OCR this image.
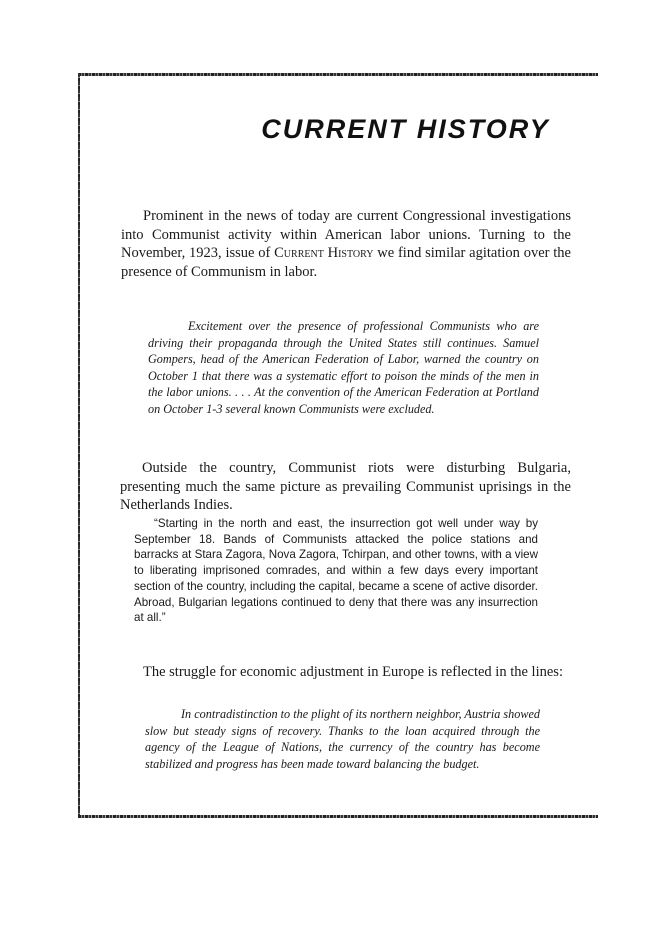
CURRENT HISTORY

Prominent in the news of today are current Congressional investigations into Communist activity within American labor unions. Turning to the November, 1923, issue of Current History we find similar agitation over the presence of Communism in labor.

Excitement over the presence of professional Communists who are driving their propaganda through the United States still continues. Samuel Gompers, head of the American Federation of Labor, warned the country on October 1 that there was a systematic effort to poison the minds of the men in the labor unions. . . . At the convention of the American Federation at Portland on October 1-3 several known Communists were excluded.

Outside the country, Communist riots were disturbing Bulgaria, presenting much the same picture as prevailing Communist uprisings in the Netherlands Indies.

“Starting in the north and east, the insurrection got well under way by September 18. Bands of Communists attacked the police stations and barracks at Stara Zagora, Nova Zagora, Tchirpan, and other towns, with a view to liberating imprisoned comrades, and within a few days every important section of the country, including the capital, became a scene of active disorder. Abroad, Bulgarian legations continued to deny that there was any insurrection at all.”

The struggle for economic adjustment in Europe is reflected in the lines:

In contradistinction to the plight of its northern neighbor, Austria showed slow but steady signs of recovery. Thanks to the loan acquired through the agency of the League of Nations, the currency of the country has become stabilized and progress has been made toward balancing the budget.
